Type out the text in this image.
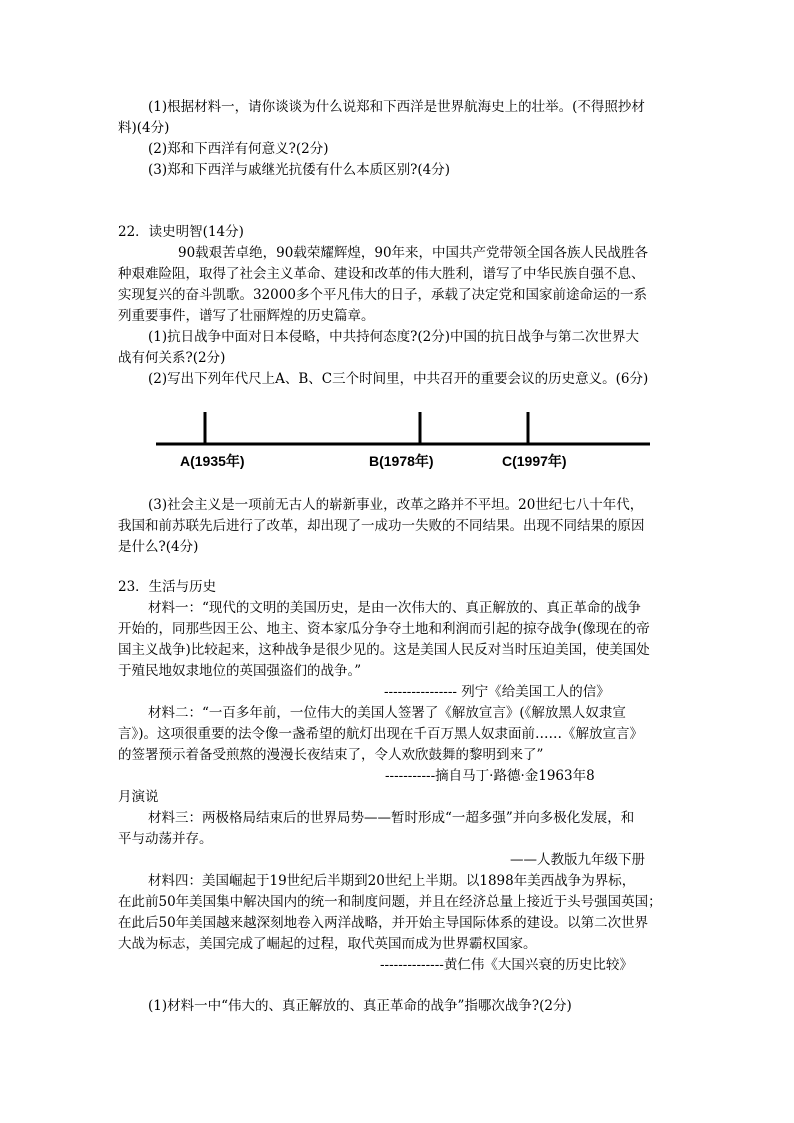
(1)根据材料一，请你谈谈为什么说郑和下西洋是世界航海史上的壮举。(不得照抄材
料)(4分)
(2)郑和下西洋有何意义?(2分)
(3)郑和下西洋与戚继光抗倭有什么本质区别?(4分)
22．读史明智(14分)
90载艰苦卓绝，90载荣耀辉煌，90年来，中国共产党带领全国各族人民战胜各
种艰难险阻，取得了社会主义革命、建设和改革的伟大胜利，谱写了中华民族自强不息、
实现复兴的奋斗凯歌。32000多个平凡伟大的日子，承载了决定党和国家前途命运的一系
列重要事件，谱写了壮丽辉煌的历史篇章。
(1)抗日战争中面对日本侵略，中共持何态度?(2分)中国的抗日战争与第二次世界大
战有何关系?(2分)
(2)写出下列年代尺上A、B、C三个时间里，中共召开的重要会议的历史意义。(6分)
A(1935年)	B(1978年)	C(1997年)
(3)社会主义是一项前无古人的崭新事业，改革之路并不平坦。20世纪七八十年代，
我国和前苏联先后进行了改革，却出现了一成功一失败的不同结果。出现不同结果的原因
是什么?(4分)
23．生活与历史
材料一：“现代的文明的美国历史，是由一次伟大的、真正解放的、真正革命的战争
开始的，同那些因王公、地主、资本家瓜分争夺土地和利润而引起的掠夺战争(像现在的帝
国主义战争)比较起来，这种战争是很少见的。这是美国人民反对当时压迫美国，使美国处
于殖民地奴隶地位的英国强盗们的战争。”
---------------- 列宁《给美国工人的信》
材料二：“一百多年前，一位伟大的美国人签署了《解放宣言》(《解放黑人奴隶宣
言》)。这项很重要的法令像一盏希望的航灯出现在千百万黑人奴隶面前……《解放宣言》
的签署预示着备受煎熬的漫漫长夜结束了，令人欢欣鼓舞的黎明到来了”
-----------摘自马丁·路德·金1963年8
月演说
材料三：两极格局结束后的世界局势——暂时形成“一超多强”并向多极化发展，和
平与动荡并存。
——人教版九年级下册
材料四：美国崛起于19世纪后半期到20世纪上半期。以1898年美西战争为界标，
在此前50年美国集中解决国内的统一和制度问题，并且在经济总量上接近于头号强国英国；
在此后50年美国越来越深刻地卷入两洋战略，并开始主导国际体系的建设。以第二次世界
大战为标志，美国完成了崛起的过程，取代英国而成为世界霸权国家。
--------------黄仁伟《大国兴衰的历史比较》
(1)材料一中“伟大的、真正解放的、真正革命的战争”指哪次战争?(2分)
